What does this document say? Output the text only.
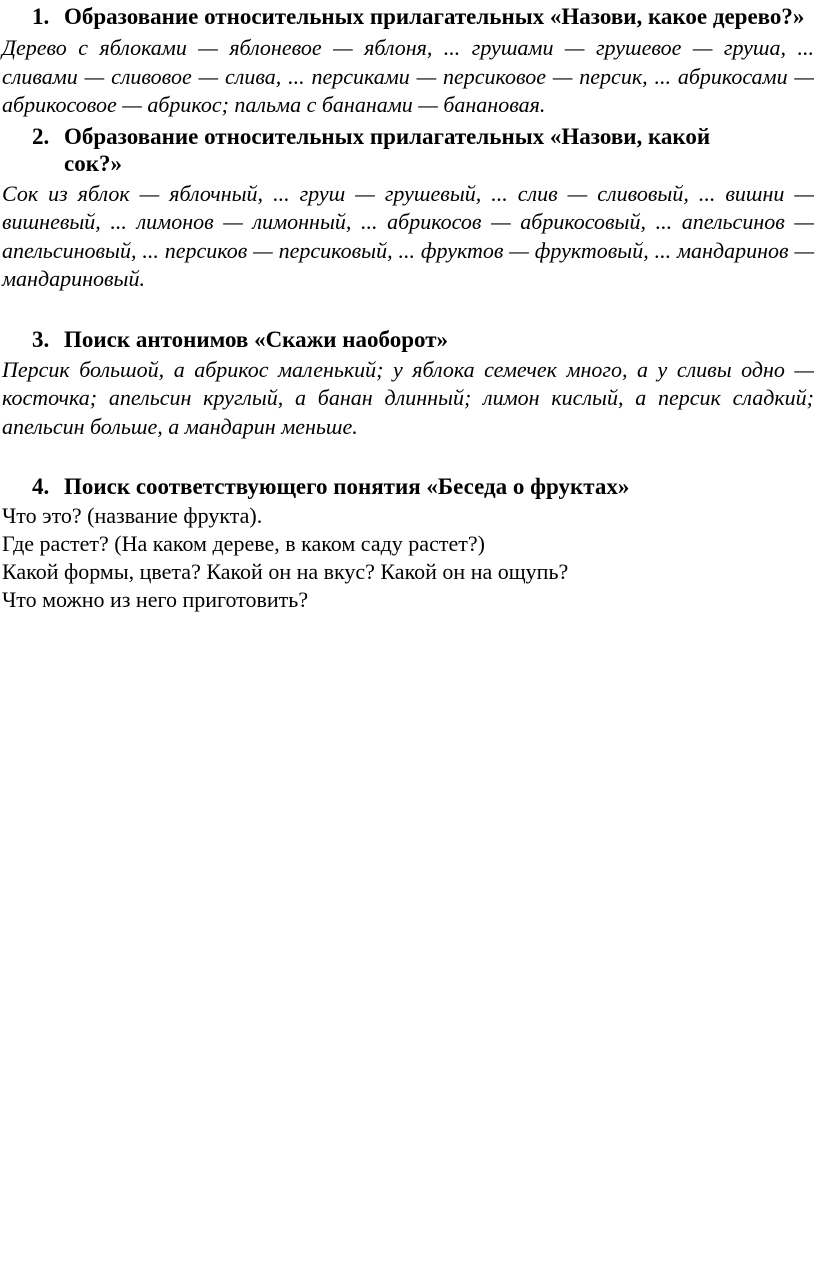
1. Образование относительных прилагательных «Назови, какое дерево?»

Дерево с яблоками — яблоневое — яблоня, ... грушами — грушевое — груша, ... сливами — сливовое — слива, ... персиками — персиковое — персик, ... абрикосами — абрикосовое — абрикос; пальма с бананами — банановая.

2. Образование относительных прилагательных «Назови, какой сок?»

Сок из яблок — яблочный, ... груш — грушевый, ... слив — сливовый, ... вишни — вишневый, ... лимонов — лимонный, ... абрикосов — абрикосовый, ... апельсинов — апельсиновый, ... персиков — персиковый, ... фруктов — фруктовый, ... мандаринов — мандариновый.

3. Поиск антонимов «Скажи наоборот»

Персик большой, а абрикос маленький; у яблока семечек много, а у сливы одно — косточка; апельсин круглый, а банан длинный; лимон кислый, а персик сладкий; апельсин больше, а мандарин меньше.

4. Поиск соответствующего понятия «Беседа о фруктах»

Что это? (название фрукта).

Где растет? (На каком дереве, в каком саду растет?)

Какой формы, цвета? Какой он на вкус? Какой он на ощупь?

Что можно из него приготовить?
